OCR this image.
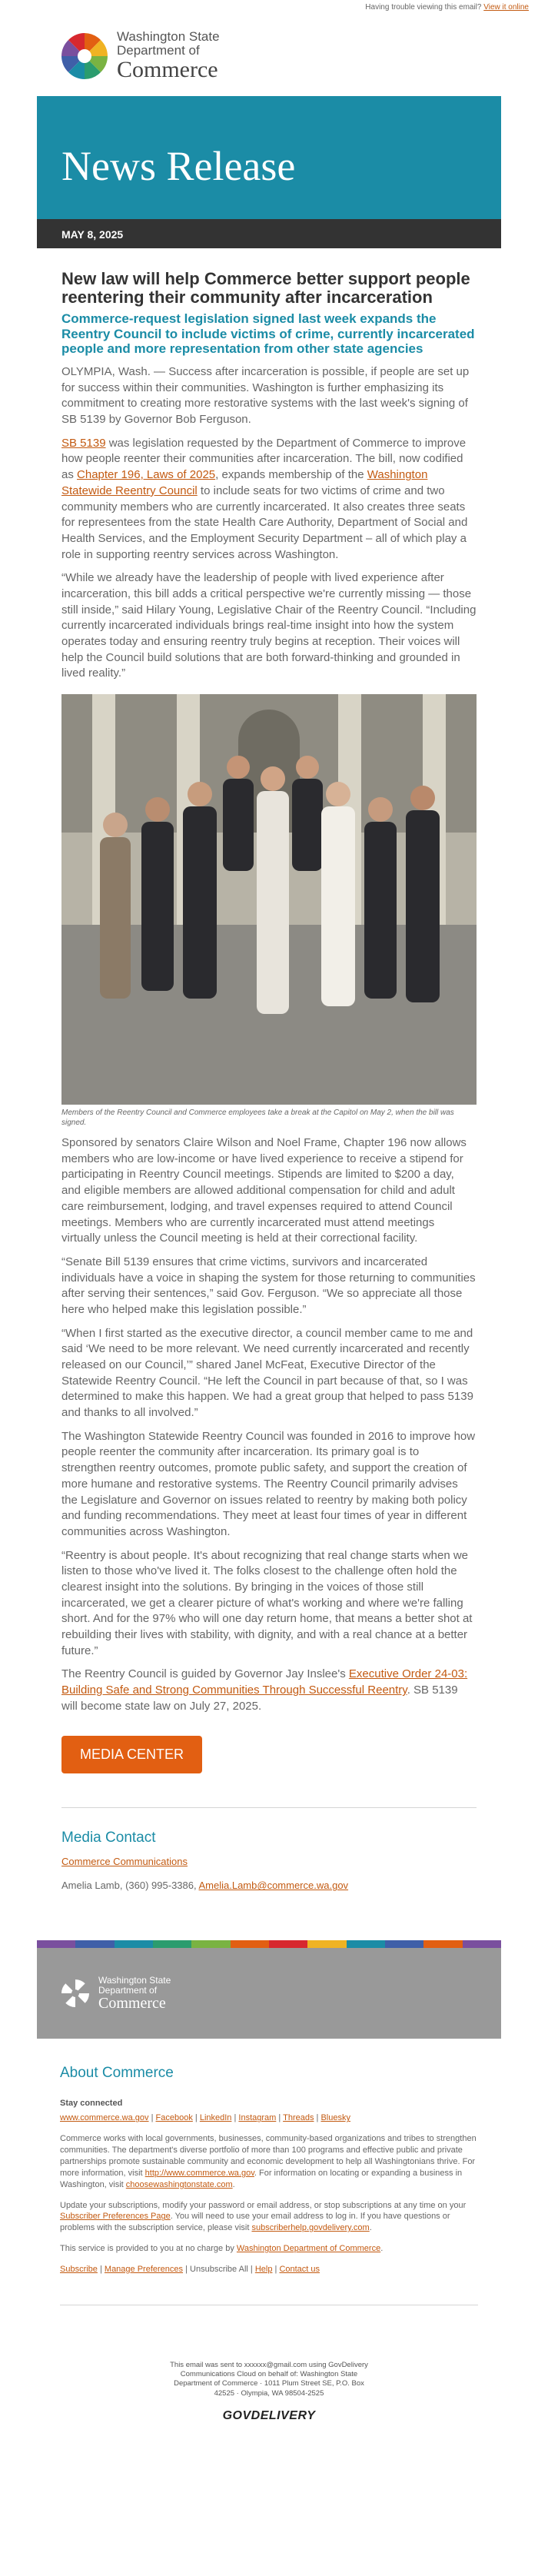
Having trouble viewing this email? View it online
Washington State
Department of
Commerce
News Release
MAY 8, 2025
New law will help Commerce better support people reentering their community after incarceration
Commerce-request legislation signed last week expands the Reentry Council to include victims of crime, currently incarcerated people and more representation from other state agencies

OLYMPIA, Wash. — Success after incarceration is possible, if people are set up for success within their communities. Washington is further emphasizing its commitment to creating more restorative systems with the last week's signing of SB 5139 by Governor Bob Ferguson.

SB 5139 was legislation requested by the Department of Commerce to improve how people reenter their communities after incarceration. The bill, now codified as Chapter 196, Laws of 2025, expands membership of the Washington Statewide Reentry Council to include seats for two victims of crime and two community members who are currently incarcerated. It also creates three seats for representees from the state Health Care Authority, Department of Social and Health Services, and the Employment Security Department – all of which play a role in supporting reentry services across Washington.

“While we already have the leadership of people with lived experience after incarceration, this bill adds a critical perspective we're currently missing — those still inside,” said Hilary Young, Legislative Chair of the Reentry Council. “Including currently incarcerated individuals brings real-time insight into how the system operates today and ensuring reentry truly begins at reception. Their voices will help the Council build solutions that are both forward-thinking and grounded in lived reality.”

Members of the Reentry Council and Commerce employees take a break at the Capitol on May 2, when the bill was signed.

Sponsored by senators Claire Wilson and Noel Frame, Chapter 196 now allows members who are low-income or have lived experience to receive a stipend for participating in Reentry Council meetings. Stipends are limited to $200 a day, and eligible members are allowed additional compensation for child and adult care reimbursement, lodging, and travel expenses required to attend Council meetings. Members who are currently incarcerated must attend meetings virtually unless the Council meeting is held at their correctional facility.

“Senate Bill 5139 ensures that crime victims, survivors and incarcerated individuals have a voice in shaping the system for those returning to communities after serving their sentences,” said Gov. Ferguson. “We so appreciate all those here who helped make this legislation possible.”

“When I first started as the executive director, a council member came to me and said ‘We need to be more relevant. We need currently incarcerated and recently released on our Council,’” shared Janel McFeat, Executive Director of the Statewide Reentry Council. “He left the Council in part because of that, so I was determined to make this happen. We had a great group that helped to pass 5139 and thanks to all involved.”

The Washington Statewide Reentry Council was founded in 2016 to improve how people reenter the community after incarceration. Its primary goal is to strengthen reentry outcomes, promote public safety, and support the creation of more humane and restorative systems. The Reentry Council primarily advises the Legislature and Governor on issues related to reentry by making both policy and funding recommendations. They meet at least four times of year in different communities across Washington.

“Reentry is about people. It's about recognizing that real change starts when we listen to those who've lived it. The folks closest to the challenge often hold the clearest insight into the solutions. By bringing in the voices of those still incarcerated, we get a clearer picture of what's working and where we're falling short. And for the 97% who will one day return home, that means a better shot at rebuilding their lives with stability, with dignity, and with a real chance at a better future.”

The Reentry Council is guided by Governor Jay Inslee's Executive Order 24-03: Building Safe and Strong Communities Through Successful Reentry. SB 5139 will become state law on July 27, 2025.

MEDIA CENTER
Media Contact
Commerce Communications
Amelia Lamb, (360) 995-3386, Amelia.Lamb@commerce.wa.gov
Washington State
Department of
Commerce
About Commerce
Stay connected
www.commerce.wa.gov | Facebook | LinkedIn | Instagram | Threads | Bluesky
Commerce works with local governments, businesses, community-based organizations and tribes to strengthen communities. The department's diverse portfolio of more than 100 programs and effective public and private partnerships promote sustainable community and economic development to help all Washingtonians thrive. For more information, visit http://www.commerce.wa.gov. For information on locating or expanding a business in Washington, visit choosewashingtonstate.com.
Update your subscriptions, modify your password or email address, or stop subscriptions at any time on your Subscriber Preferences Page. You will need to use your email address to log in. If you have questions or problems with the subscription service, please visit subscriberhelp.govdelivery.com.
This service is provided to you at no charge by Washington Department of Commerce.
Subscribe | Manage Preferences | Unsubscribe All | Help | Contact us
This email was sent to xxxxxx@gmail.com using GovDelivery Communications Cloud on behalf of: Washington State Department of Commerce · 1011 Plum Street SE, P.O. Box 42525 · Olympia, WA 98504-2525
GOVDELIVERY
